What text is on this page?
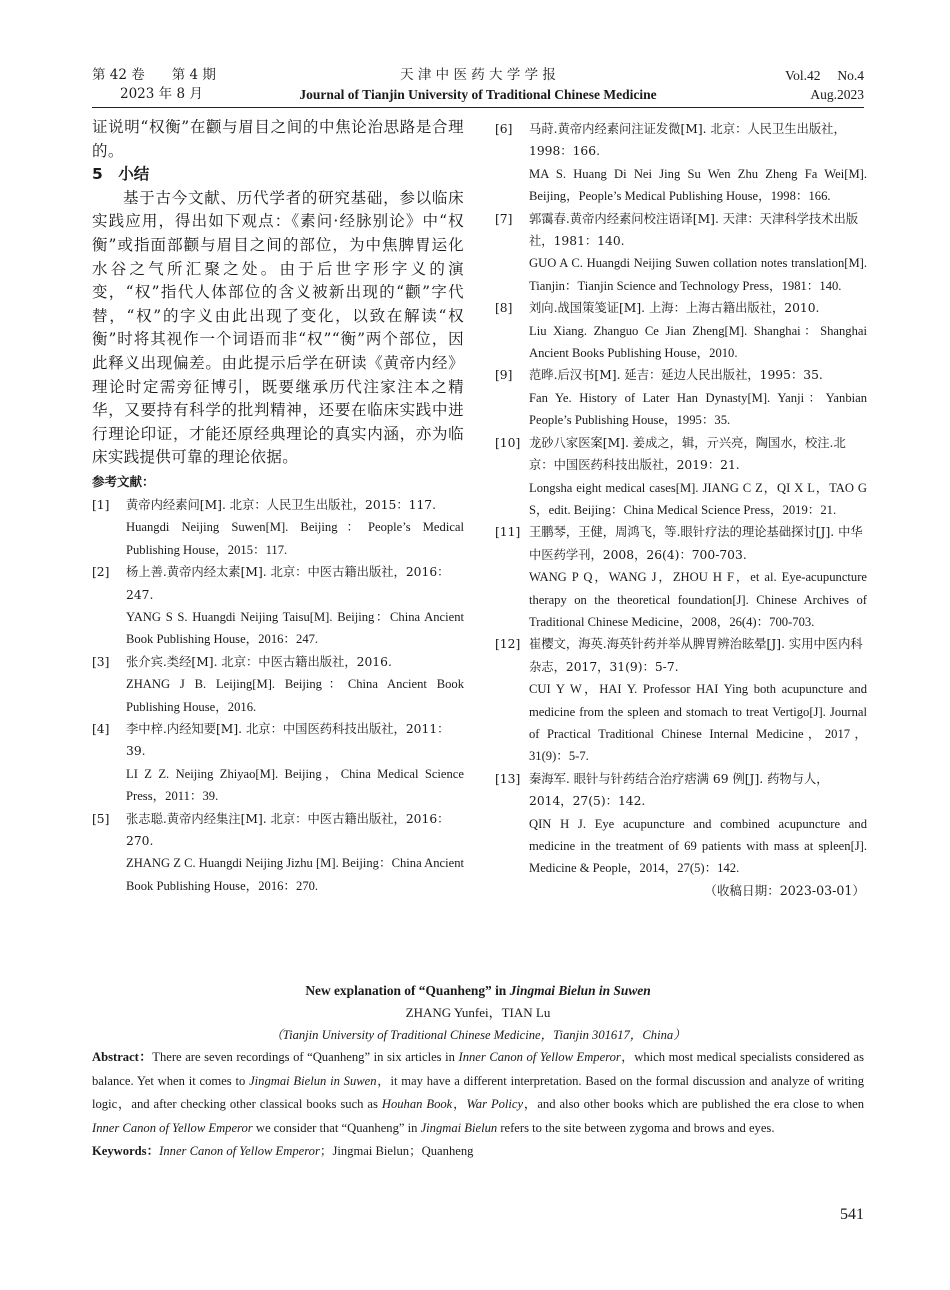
第 42 卷　　第 4 期
2023 年 8 月
天 津 中 医 药 大 学 学 报
Journal of Tianjin University of Traditional Chinese Medicine
Vol.42　 No.4
Aug.2023

证说明“权衡”在颧与眉目之间的中焦论治思路是合理的。

5　小结

基于古今文献、历代学者的研究基础，参以临床实践应用，得出如下观点：《素问·经脉别论》中“权衡”或指面部颧与眉目之间的部位，为中焦脾胃运化水谷之气所汇聚之处。由于后世字形字义的演变，“权”指代人体部位的含义被新出现的“颧”字代替，“权”的字义由此出现了变化，以致在解读“权衡”时将其视作一个词语而非“权”“衡”两个部位，因此释义出现偏差。由此提示后学在研读《黄帝内经》理论时定需旁征博引，既要继承历代注家注本之精华，又要持有科学的批判精神，还要在临床实践中进行理论印证，才能还原经典理论的真实内涵，亦为临床实践提供可靠的理论依据。

参考文献：
[1] 黄帝内经素问[M]. 北京：人民卫生出版社，2015：117.
Huangdi Neijing Suwen[M]. Beijing：People’s Medical Publishing House，2015：117.
[2] 杨上善.黄帝内经太素[M]. 北京：中医古籍出版社，2016：247.
YANG S S. Huangdi Neijing Taisu[M]. Beijing：China Ancient Book Publishing House，2016：247.
[3] 张介宾.类经[M]. 北京：中医古籍出版社，2016.
ZHANG J B. Leijing[M]. Beijing：China Ancient Book Publishing House，2016.
[4] 李中梓.内经知要[M]. 北京：中国医药科技出版社，2011：39.
LI Z Z. Neijing Zhiyao[M]. Beijing，China Medical Science Press，2011：39.
[5] 张志聪.黄帝内经集注[M]. 北京：中医古籍出版社，2016：270.
ZHANG Z C. Huangdi Neijing Jizhu [M]. Beijing：China Ancient Book Publishing House，2016：270.
[6] 马莳.黄帝内经素问注证发微[M]. 北京：人民卫生出版社，1998：166.
MA S. Huang Di Nei Jing Su Wen Zhu Zheng Fa Wei[M]. Beijing，People’s Medical Publishing House，1998：166.
[7] 郭霭春.黄帝内经素问校注语译[M]. 天津：天津科学技术出版社，1981：140.
GUO A C. Huangdi Neijing Suwen collation notes translation[M]. Tianjin：Tianjin Science and Technology Press，1981：140.
[8] 刘向.战国策笺证[M]. 上海：上海古籍出版社，2010.
Liu Xiang. Zhanguo Ce Jian Zheng[M]. Shanghai：Shanghai Ancient Books Publishing House，2010.
[9] 范晔.后汉书[M]. 延吉：延边人民出版社，1995：35.
Fan Ye. History of Later Han Dynasty[M]. Yanji：Yanbian People’s Publishing House，1995：35.
[10] 龙砂八家医案[M]. 姜成之，辑，亓兴亮，陶国水，校注.北京：中国医药科技出版社，2019：21.
Longsha eight medical cases[M]. JIANG C Z，QI X L，TAO G S，edit. Beijing：China Medical Science Press，2019：21.
[11] 王鹏琴，王健，周鸿飞，等.眼针疗法的理论基础探讨[J]. 中华中医药学刊，2008，26(4)：700-703.
WANG P Q，WANG J，ZHOU H F，et al. Eye-acupuncture therapy on the theoretical foundation[J]. Chinese Archives of Traditional Chinese Medicine，2008，26(4)：700-703.
[12] 崔樱文，海英.海英针药并举从脾胃辨治眩晕[J]. 实用中医内科杂志，2017，31(9)：5-7.
CUI Y W，HAI Y. Professor HAI Ying both acupuncture and medicine from the spleen and stomach to treat Vertigo[J]. Journal of Practical Traditional Chinese Internal Medicine，2017，31(9)：5-7.
[13] 秦海军. 眼针与针药结合治疗痞满 69 例[J]. 药物与人，2014，27(5)：142.
QIN H J. Eye acupuncture and combined acupuncture and medicine in the treatment of 69 patients with mass at spleen[J]. Medicine & People，2014，27(5)：142.
（收稿日期：2023-03-01）
New explanation of “Quanheng” in Jingmai Bielun in Suwen
ZHANG Yunfei，TIAN Lu
（Tianjin University of Traditional Chinese Medicine，Tianjin 301617，China）
Abstract：There are seven recordings of “Quanheng” in six articles in Inner Canon of Yellow Emperor，which most medical specialists considered as balance. Yet when it comes to Jingmai Bielun in Suwen，it may have a different interpretation. Based on the formal discussion and analyze of writing logic，and after checking other classical books such as Houhan Book，War Policy，and also other books which are published the era close to when Inner Canon of Yellow Emperor we consider that “Quanheng” in Jingmai Bielun refers to the site between zygoma and brows and eyes.
Keywords：Inner Canon of Yellow Emperor；Jingmai Bielun；Quanheng
541
